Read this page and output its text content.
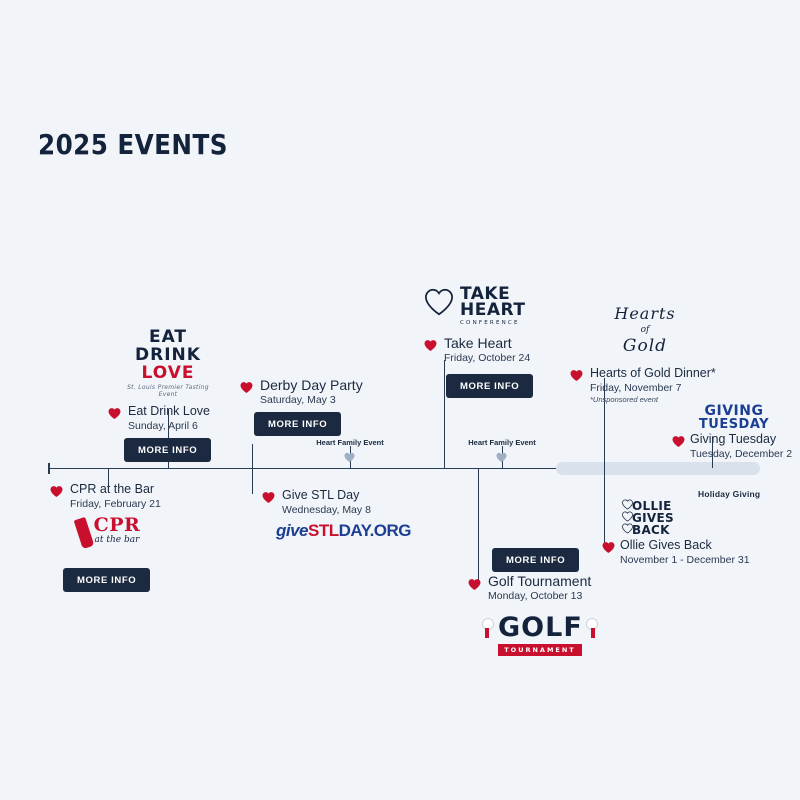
2025 EVENTS
Holiday Giving
CPR at the Bar
Friday, February 21
CPR
at the bar
MORE INFO
EAT
DRINK
LOVE
St. Louis Premier Tasting Event
Eat Drink Love
Sunday, April 6
MORE INFO
Derby Day Party
Saturday, May 3
MORE INFO
Heart Family Event
Give STL Day
Wednesday, May 8
giveSTLDAY.ORG
TAKE
HEART
CONFERENCE
Take Heart
Friday, October 24
MORE INFO
Heart Family Event
MORE INFO
Golf Tournament
Monday, October 13
GOLF
TOURNAMENT
Hearts
of
Gold
Hearts of Gold Dinner*
Friday, November 7
*Unsponsored event
GIVING
TUESDAY
Giving Tuesday
Tuesday, December 2
OLLIE
GIVES
BACK
Ollie Gives Back
November 1 - December 31
